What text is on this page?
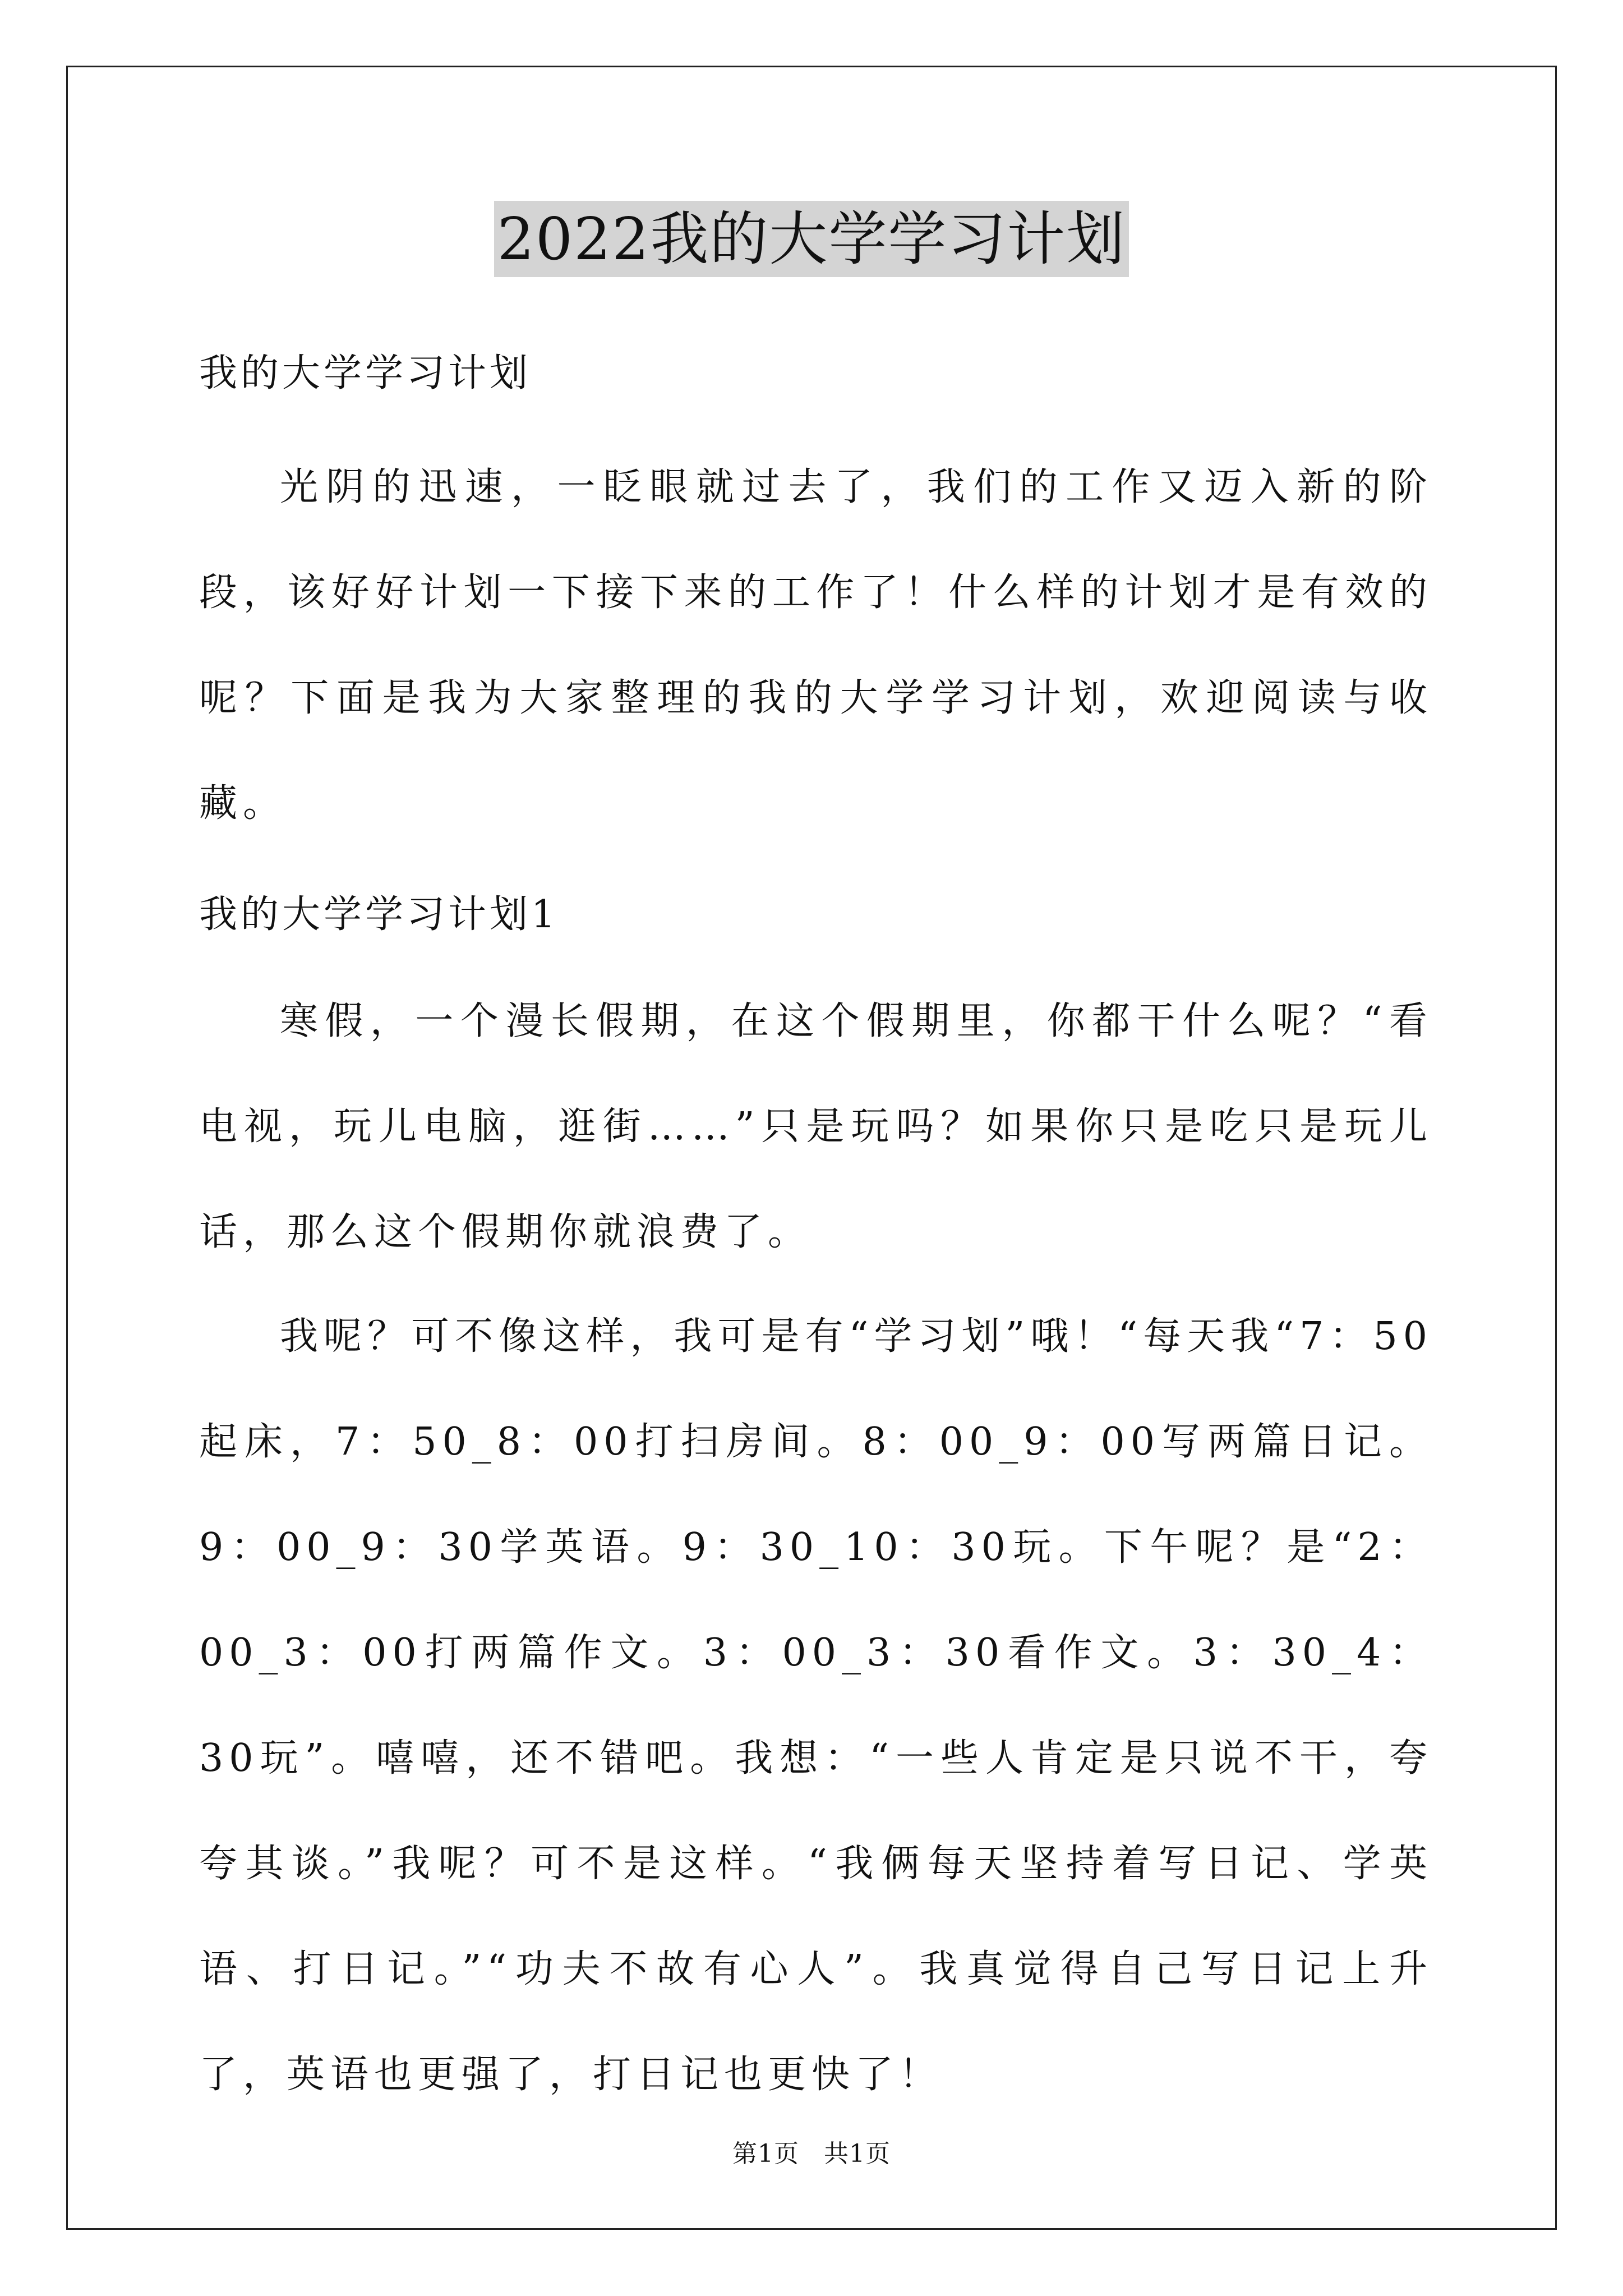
2022我的大学学习计划

我的大学学习计划

光阴的迅速，一眨眼就过去了，我们的工作又迈入新的阶段，该好好计划一下接下来的工作了！什么样的计划才是有效的呢？下面是我为大家整理的我的大学学习计划，欢迎阅读与收藏。

我的大学学习计划1

寒假，一个漫长假期，在这个假期里，你都干什么呢？“看电视，玩儿电脑，逛街……”只是玩吗？如果你只是吃只是玩儿话，那么这个假期你就浪费了。

我呢？可不像这样，我可是有“学习划”哦！“每天我“7：50起床，7：50_8：00打扫房间。8：00_9：00写两篇日记。9：00_9：30学英语。9：30_10：30玩。下午呢？是“2：00_3：00打两篇作文。3：00_3：30看作文。3：30_4：30玩”。嘻嘻，还不错吧。我想：“一些人肯定是只说不干，夸夸其谈。”我呢？可不是这样。“我俩每天坚持着写日记、学英语、打日记。”“功夫不故有心人”。我真觉得自己写日记上升了，英语也更强了，打日记也更快了！

第1页 共1页
